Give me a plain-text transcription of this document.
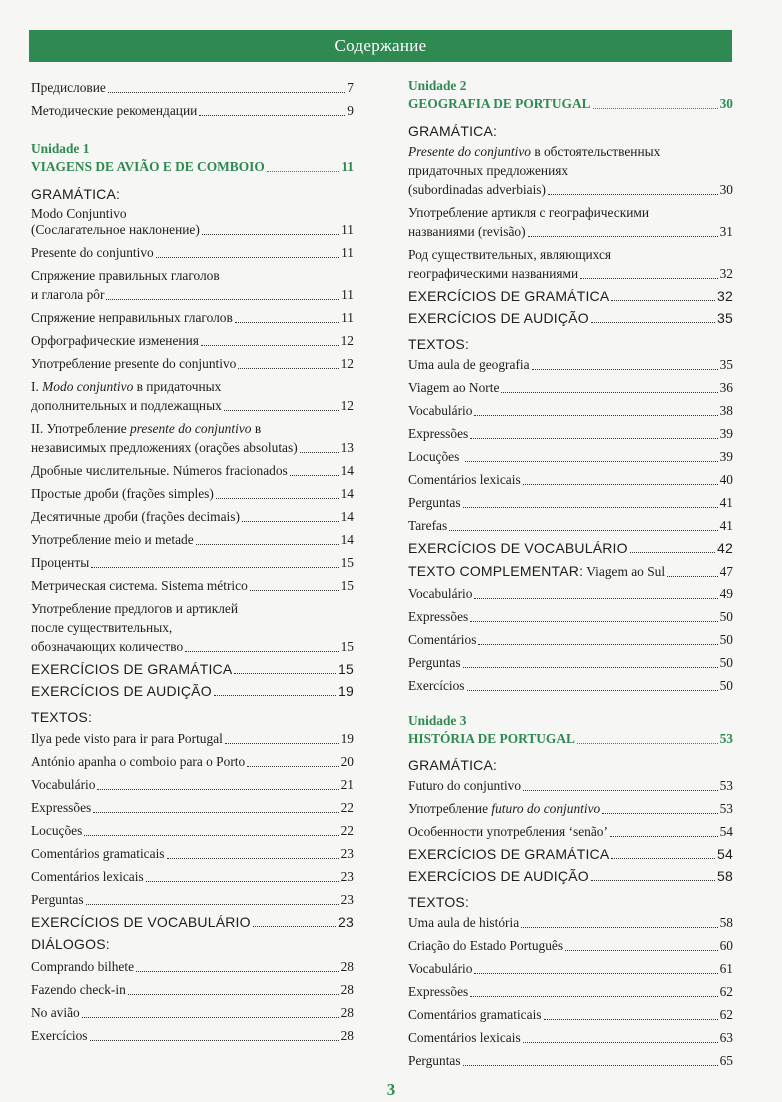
Содержание
Предисловие	7
Методические рекомендации	9
Unidade 1
VIAGENS DE AVIÃO E DE COMBOIO	11
GRAMÁTICA:
Modo Conjuntivo
(Сослагательное наклонение)	11
Presente do conjuntivo	11
Спряжение правильных глаголов
и глагола pôr	11
Спряжение неправильных глаголов	11
Орфографические изменения	12
Употребление presente do conjuntivo	12
I. Modo conjuntivo в придаточных
дополнительных и подлежащных	12
II. Употребление presente do conjuntivo в
независимых предложениях (orações absolutas)	13
Дробные числительные. Números fracionados	14
Простые дроби (frações simples)	14
Десятичные дроби (frações decimais)	14
Употребление meio и metade	14
Проценты	15
Метрическая система. Sistema métrico	15
Употребление предлогов и артиклей
после существительных,
обозначающих количество	15
EXERCÍCIOS DE GRAMÁTICA	15
EXERCÍCIOS DE AUDIÇÃO	19
TEXTOS:
Ilya pede visto para ir para Portugal	19
António apanha o comboio para o Porto	20
Vocabulário	21
Expressões	22
Locuções	22
Comentários gramaticais	23
Comentários lexicais	23
Perguntas	23
EXERCÍCIOS DE VOCABULÁRIO	23
DIÁLOGOS:
Comprando bilhete	28
Fazendo check-in	28
No avião	28
Exercícios	28
Unidade 2
GEOGRAFIA DE PORTUGAL	30
GRAMÁTICA:
Presente do conjuntivo в обстоятельственных
придаточных предложениях
(subordinadas adverbiais)	30
Употребление артикля с географическими
названиями (revisão)	31
Род существительных, являющихся
географическими названиями	32
EXERCÍCIOS DE GRAMÁTICA	32
EXERCÍCIOS DE AUDIÇÃO	35
TEXTOS:
Uma aula de geografia	35
Viagem ao Norte	36
Vocabulário	38
Expressões	39
Locuções	39
Comentários lexicais	40
Perguntas	41
Tarefas	41
EXERCÍCIOS DE VOCABULÁRIO	42
TEXTO COMPLEMENTAR: Viagem ao Sul	47
Vocabulário	49
Expressões	50
Comentários	50
Perguntas	50
Exercícios	50
Unidade 3
HISTÓRIA DE PORTUGAL	53
GRAMÁTICA:
Futuro do conjuntivo	53
Употребление futuro do conjuntivo	53
Особенности употребления ‘senão’	54
EXERCÍCIOS DE GRAMÁTICA	54
EXERCÍCIOS DE AUDIÇÃO	58
TEXTOS:
Uma aula de história	58
Criação do Estado Português	60
Vocabulário	61
Expressões	62
Comentários gramaticais	62
Comentários lexicais	63
Perguntas	65
3
